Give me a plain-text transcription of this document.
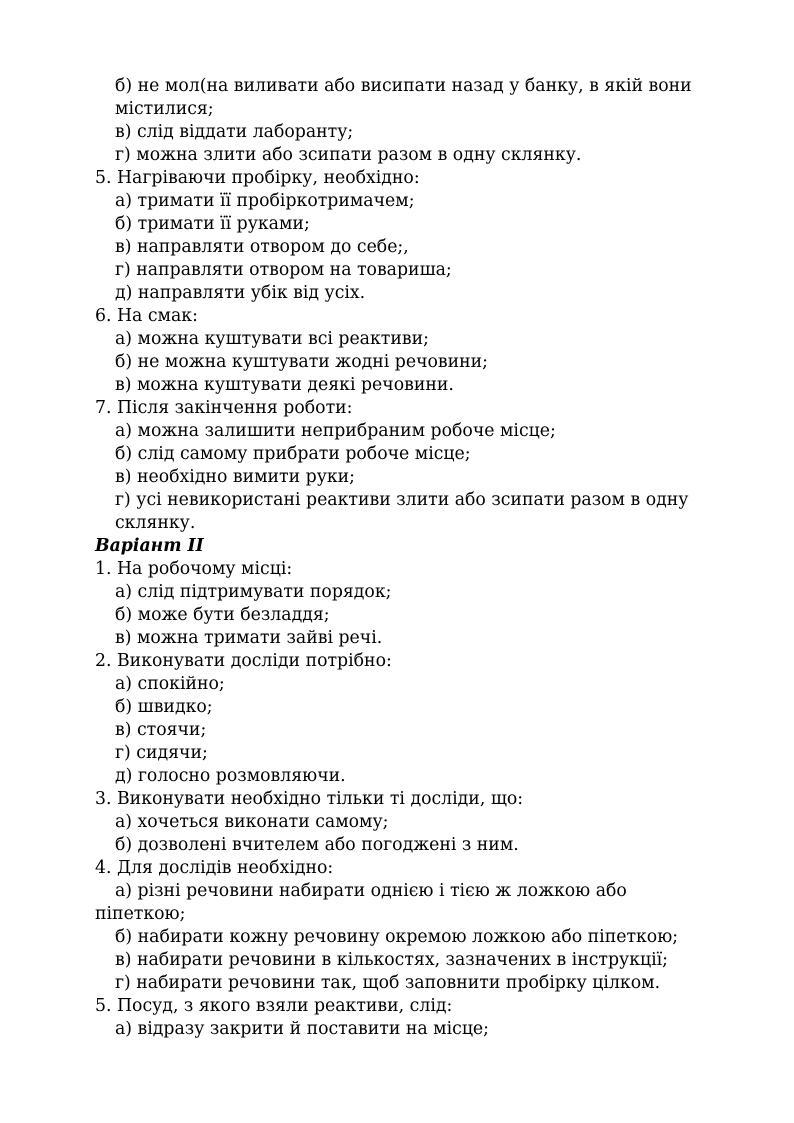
б) не мол(на виливати або висипати назад у банку, в якій вони містилися;
в) слід віддати лаборанту;
г) можна злити або зсипати разом в одну склянку.
5. Нагріваючи пробірку, необхідно:
а) тримати її пробіркотримачем;
б) тримати її руками;
в) направляти отвором до себе;,
г) направляти отвором на товариша;
д) направляти убік від усіх.
6. На смак:
а) можна куштувати всі реактиви;
б) не можна куштувати жодні речовини;
в) можна куштувати деякі речовини.
7. Після закінчення роботи:
а) можна залишити неприбраним робоче місце;
б) слід самому прибрати робоче місце;
в) необхідно вимити руки;
г) усі невикористані реактиви злити або зсипати разом в одну склянку.
Варіант II
1. На робочому місці:
а) слід підтримувати порядок;
б) може бути безладдя;
в) можна тримати зайві речі.
2. Виконувати досліди потрібно:
а) спокійно;
б) швидко;
в) стоячи;
г) сидячи;
д) голосно розмовляючи.
3. Виконувати необхідно тільки ті досліди, що:
а) хочеться виконати самому;
б) дозволені вчителем або погоджені з ним.
4. Для дослідів необхідно:
а) різні речовини набирати однією і тією ж ложкою або піпеткою;
б) набирати кожну речовину окремою ложкою або піпеткою;
в) набирати речовини в кількостях, зазначених в інструкції;
г) набирати речовини так, щоб заповнити пробірку цілком.
5. Посуд, з якого взяли реактиви, слід:
а) відразу закрити й поставити на місце;
